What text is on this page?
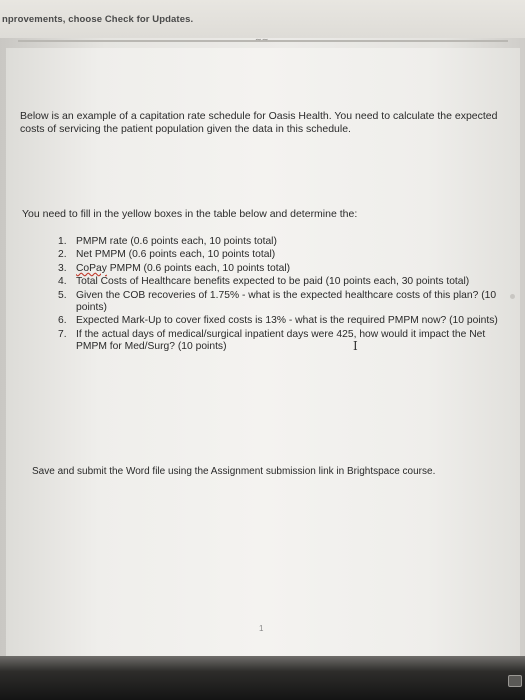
nprovements, choose Check for Updates.
∼∼
Below is an example of a capitation rate schedule for Oasis Health. You need to calculate the expected costs of servicing the patient population given the data in this schedule.
You need to fill in the yellow boxes in the table below and determine the:
1. PMPM rate (0.6 points each, 10 points total)
2. Net PMPM (0.6 points each, 10 points total)
3. CoPay PMPM (0.6 points each, 10 points total)
4. Total Costs of Healthcare benefits expected to be paid (10 points each, 30 points total)
5. Given the COB recoveries of 1.75% - what is the expected healthcare costs of this plan? (10 points)
6. Expected Mark-Up to cover fixed costs is 13% - what is the required PMPM now? (10 points)
7. If the actual days of medical/surgical inpatient days were 425, how would it impact the Net PMPM for Med/Surg? (10 points)	I
Save and submit the Word file using the Assignment submission link in Brightspace course.
1
